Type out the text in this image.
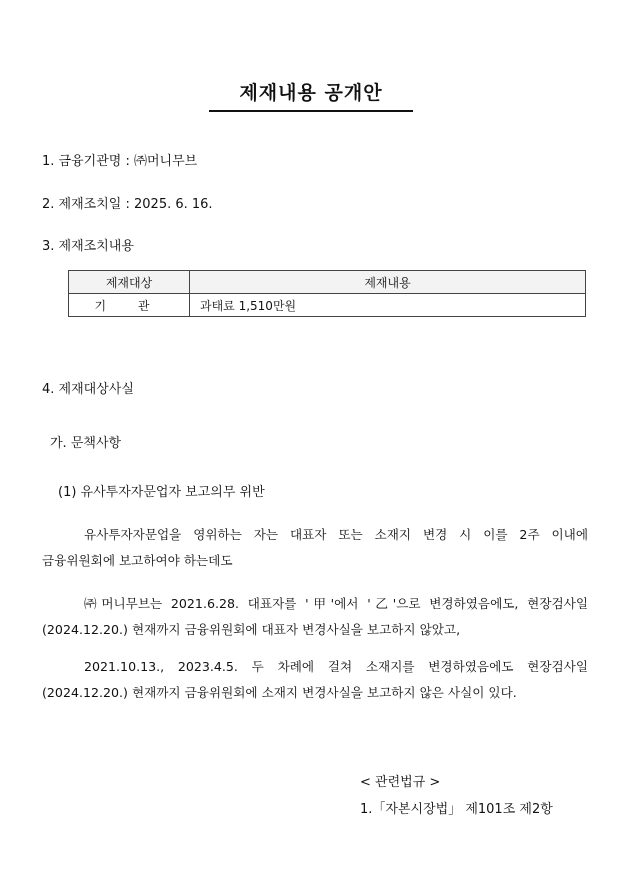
제재내용 공개안
1. 금융기관명 : ㈜머니무브
2. 제재조치일 : 2025. 6. 16.
3. 제재조치내용
제재대상	제재내용
기 관	과태료 1,510만원
4. 제재대상사실
가. 문책사항
(1) 유사투자자문업자 보고의무 위반
유사투자자문업을 영위하는 자는 대표자 또는 소재지 변경 시 이를 2주 이내에
금융위원회에 보고하여야 하는데도
㈜머니무브는 2021.6.28. 대표자를 '甲'에서 '乙'으로 변경하였음에도, 현장검사일
(2024.12.20.) 현재까지 금융위원회에 대표자 변경사실을 보고하지 않았고,
2021.10.13., 2023.4.5. 두 차례에 걸쳐 소재지를 변경하였음에도 현장검사일
(2024.12.20.) 현재까지 금융위원회에 소재지 변경사실을 보고하지 않은 사실이 있다.
< 관련법규 >
1.「자본시장법」 제101조 제2항
